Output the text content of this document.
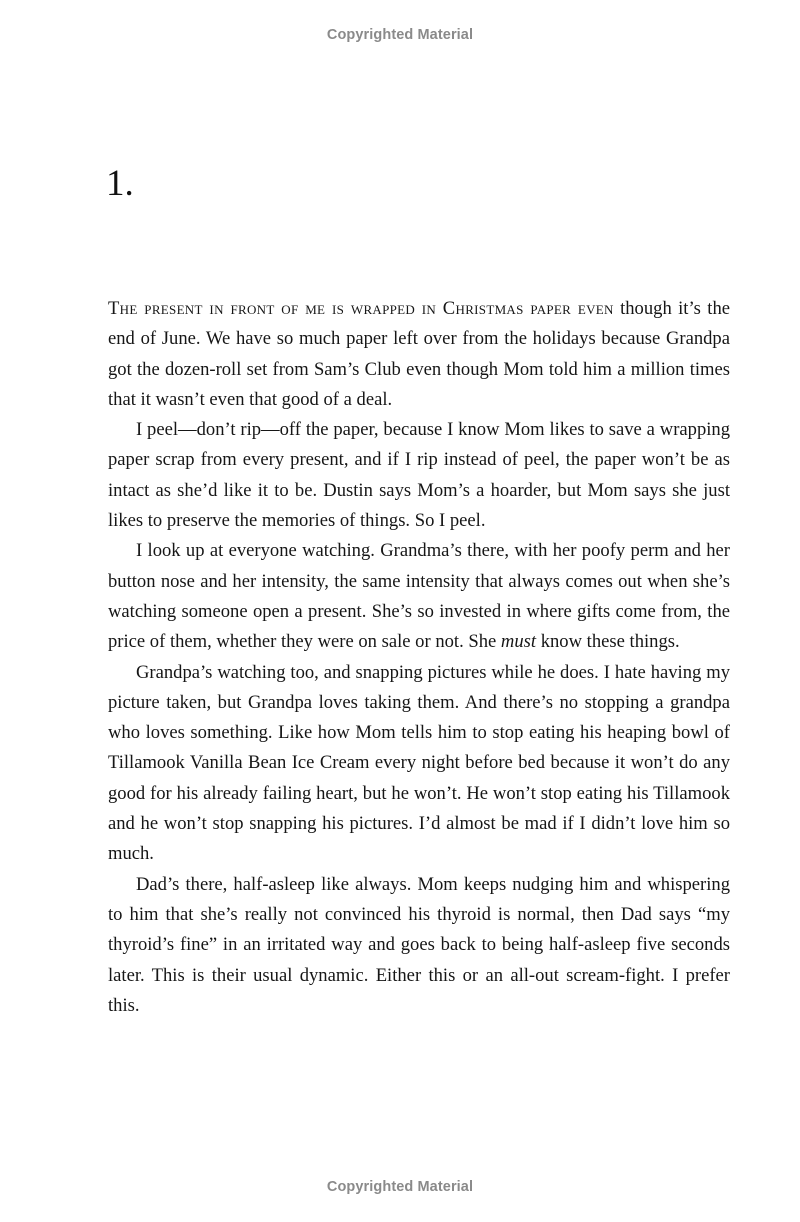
Copyrighted Material
1.

The present in front of me is wrapped in Christmas paper even though it’s the end of June. We have so much paper left over from the holidays because Grandpa got the dozen-roll set from Sam’s Club even though Mom told him a million times that it wasn’t even that good of a deal.

I peel—don’t rip—off the paper, because I know Mom likes to save a wrapping paper scrap from every present, and if I rip instead of peel, the paper won’t be as intact as she’d like it to be. Dustin says Mom’s a hoarder, but Mom says she just likes to preserve the memories of things. So I peel.

I look up at everyone watching. Grandma’s there, with her poofy perm and her button nose and her intensity, the same intensity that always comes out when she’s watching someone open a present. She’s so invested in where gifts come from, the price of them, whether they were on sale or not. She must know these things.

Grandpa’s watching too, and snapping pictures while he does. I hate having my picture taken, but Grandpa loves taking them. And there’s no stopping a grandpa who loves something. Like how Mom tells him to stop eating his heaping bowl of Tillamook Vanilla Bean Ice Cream every night before bed because it won’t do any good for his already failing heart, but he won’t. He won’t stop eating his Tillamook and he won’t stop snapping his pictures. I’d almost be mad if I didn’t love him so much.

Dad’s there, half-asleep like always. Mom keeps nudging him and whispering to him that she’s really not convinced his thyroid is normal, then Dad says “my thyroid’s fine” in an irritated way and goes back to being half-asleep five seconds later. This is their usual dynamic. Either this or an all-out scream-fight. I prefer this.

Copyrighted Material
